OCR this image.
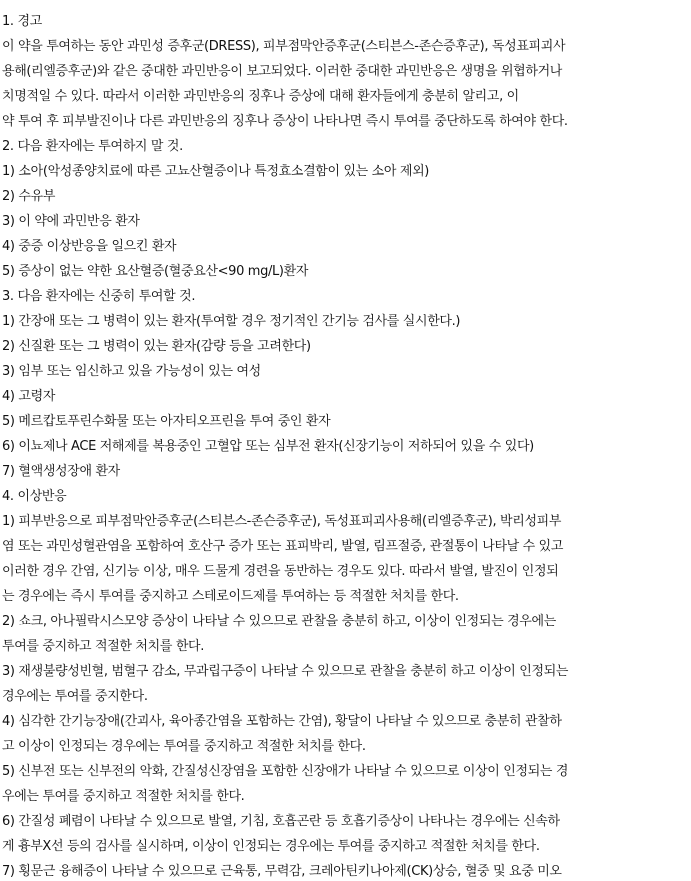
1. 경고
이 약을 투여하는 동안 과민성 증후군(DRESS), 피부점막안증후군(스티븐스-존슨증후군), 독성표피괴사
용해(리엘증후군)와 같은 중대한 과민반응이 보고되었다. 이러한 중대한 과민반응은 생명을 위협하거나
치명적일 수 있다. 따라서 이러한 과민반응의 징후나 증상에 대해 환자들에게 충분히 알리고, 이
약 투여 후 피부발진이나 다른 과민반응의 징후나 증상이 나타나면 즉시 투여를 중단하도록 하여야 한다.
2. 다음 환자에는 투여하지 말 것.
1) 소아(악성종양치료에 따른 고뇨산혈증이나 특정효소결함이 있는 소아 제외)
2) 수유부
3) 이 약에 과민반응 환자
4) 중증 이상반응을 일으킨 환자
5) 증상이 없는 약한 요산혈증(혈중요산<90 mg/L)환자
3. 다음 환자에는 신중히 투여할 것.
1) 간장애 또는 그 병력이 있는 환자(투여할 경우 정기적인 간기능 검사를 실시한다.)
2) 신질환 또는 그 병력이 있는 환자(감량 등을 고려한다)
3) 임부 또는 임신하고 있을 가능성이 있는 여성
4) 고령자
5) 메르캅토푸린수화물 또는 아자티오프린을 투여 중인 환자
6) 이뇨제나 ACE 저해제를 복용중인 고혈압 또는 심부전 환자(신장기능이 저하되어 있을 수 있다)
7) 혈액생성장애 환자
4. 이상반응
1) 피부반응으로 피부점막안증후군(스티븐스-존슨증후군), 독성표피괴사용해(리엘증후군), 박리성피부
염 또는 과민성혈관염을 포함하여 호산구 증가 또는 표피박리, 발열, 림프절증, 관절통이 나타날 수 있고
이러한 경우 간염, 신기능 이상, 매우 드물게 경련을 동반하는 경우도 있다. 따라서 발열, 발진이 인정되
는 경우에는 즉시 투여를 중지하고 스테로이드제를 투여하는 등 적절한 처치를 한다.
2) 쇼크, 아나필락시스모양 증상이 나타날 수 있으므로 관찰을 충분히 하고, 이상이 인정되는 경우에는
투여를 중지하고 적절한 처치를 한다.
3) 재생불량성빈혈, 범혈구 감소, 무과립구증이 나타날 수 있으므로 관찰을 충분히 하고 이상이 인정되는
경우에는 투여를 중지한다.
4) 심각한 간기능장애(간괴사, 육아종간염을 포함하는 간염), 황달이 나타날 수 있으므로 충분히 관찰하
고 이상이 인정되는 경우에는 투여를 중지하고 적절한 처치를 한다.
5) 신부전 또는 신부전의 악화, 간질성신장염을 포함한 신장애가 나타날 수 있으므로 이상이 인정되는 경
우에는 투여를 중지하고 적절한 처치를 한다.
6) 간질성 폐렴이 나타날 수 있으므로 발열, 기침, 호흡곤란 등 호흡기증상이 나타나는 경우에는 신속하
게 흉부X선 등의 검사를 실시하며, 이상이 인정되는 경우에는 투여를 중지하고 적절한 처치를 한다.
7) 횡문근 융해증이 나타날 수 있으므로 근육통, 무력감, 크레아틴키나아제(CK)상승, 혈중 및 요중 미오
